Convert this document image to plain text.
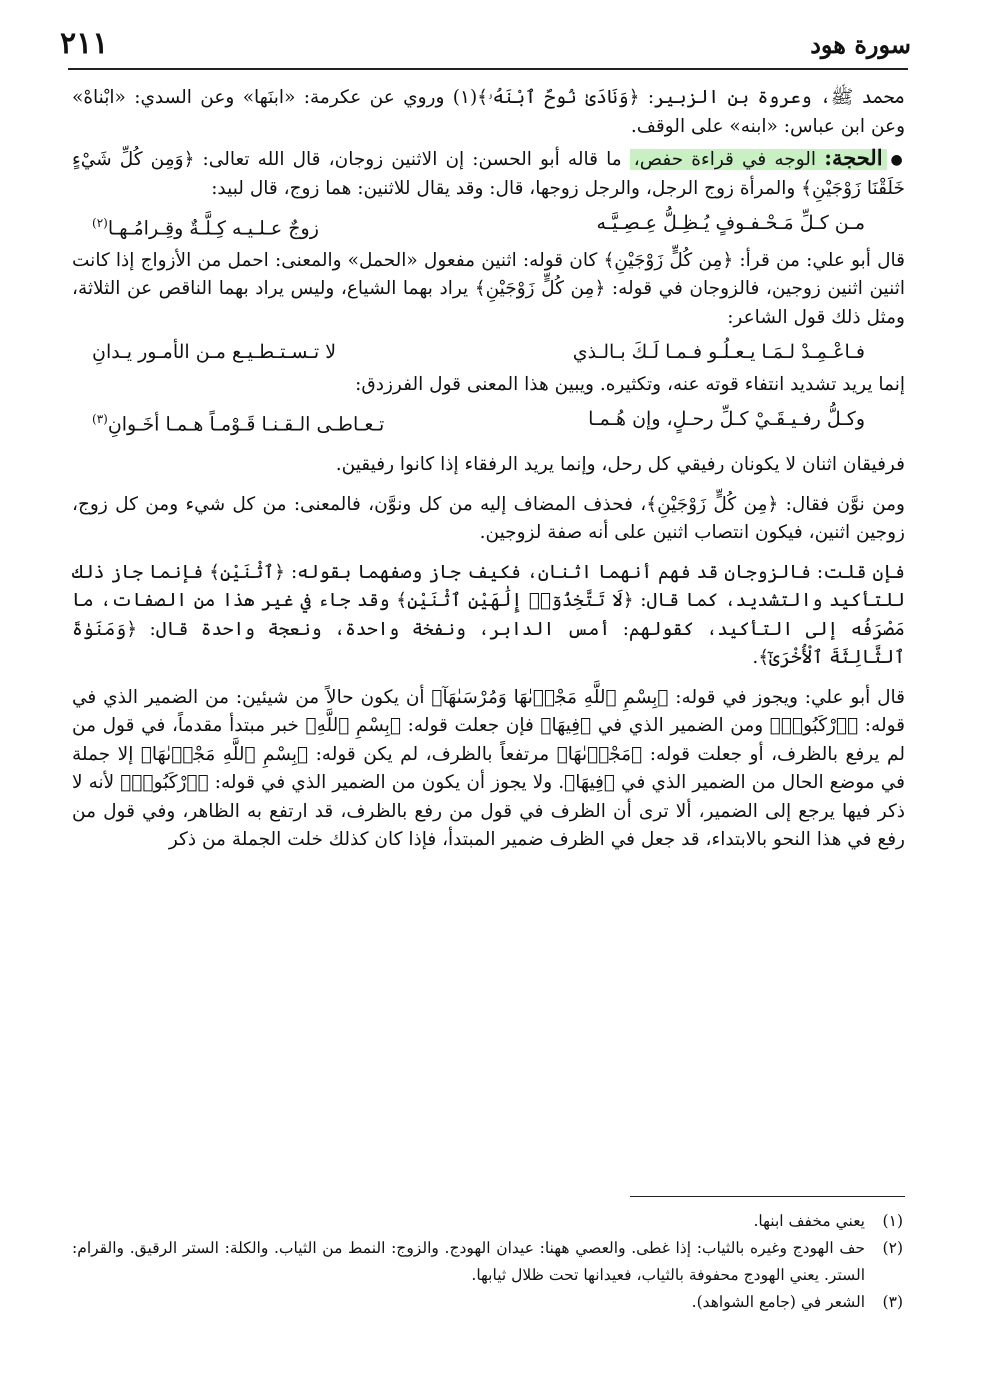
سورة هود
٢١١

محمد ﷺ، وعروة بن الزبير: ﴿وَنَادَىٰ نُوحٌ ٱبْنَهُۥ﴾(١) وروي عن عكرمة: «ابنَها» وعن السدي: «ابْناهْ» وعن ابن عباس: «ابنه» على الوقف.

●الحجة: الوجه في قراءة حفص، ما قاله أبو الحسن: إن الاثنين زوجان، قال الله تعالى: ﴿وَمِن كُلِّ شَيْءٍ خَلَقْنَا زَوْجَيْنِ﴾ والمرأة زوج الرجل، والرجل زوجها، قال: وقد يقال للاثنين: هما زوج، قال لبيد:

مـن كـلِّ مَـحْـفـوفٍ يُـظِـلُّ عِـصِـيَّـه
زوجٌ عـلـيـه كِـلَّـةٌ وقِـرامُـهـا$^{(٢)}$

قال أبو علي: من قرأ: ﴿مِن كُلٍّ زَوْجَيْنِ﴾ كان قوله: اثنين مفعول «الحمل» والمعنى: احمل من الأزواج إذا كانت اثنين اثنين زوجين، فالزوجان في قوله: ﴿مِن كُلٍّ زَوْجَيْنِ﴾ يراد بهما الشياع، وليس يراد بهما الناقص عن الثلاثة، ومثل ذلك قول الشاعر:

فـاعْـمِـدْ لـمَـا يـعـلُـو فـمـا لَـكَ بـالـذي
لا تـسـتـطـيـع مـن الأمـور يـدانِ

إنما يريد تشديد انتفاء قوته عنه، وتكثيره. ويبين هذا المعنى قول الفرزدق:

وكـلُّ رفـيـقَـيْ كـلِّ رحـلٍ، وإن هُـمـا
تـعـاطـى الـقـنـا قَـوْمـاً هـمـا أخَـوانِ$^{(٣)}$

فرفيقان اثنان لا يكونان رفيقي كل رحل، وإنما يريد الرفقاء إذا كانوا رفيقين.

ومن نوَّن فقال: ﴿مِن كُلٍّ زَوْجَيْنِ﴾، فحذف المضاف إليه من كل ونوَّن، فالمعنى: من كل شيء ومن كل زوج، زوجين اثنين، فيكون انتصاب اثنين على أنه صفة لزوجين.

فإن قلت: فالزوجان قد فهم أنهما اثنان، فكيف جاز وصفهما بقوله: ﴿ٱثْنَيْنِ﴾ فإنما جاز ذلك للتأكيد والتشديد، كما قال: ﴿لَا تَتَّخِذُوٓا۟ إِلَٰهَيْنِ ٱثْنَيْنِ﴾ وقد جاء في غير هذا من الصفات، ما مَصْرَفُه إلى التأكيد، كقولهم: أمس الدابر، ونفخة واحدة، ونعجة واحدة قال: ﴿وَمَنَوٰةَ ٱلثَّالِثَةَ ٱلْأُخْرَىٰٓ﴾.

قال أبو علي: ويجوز في قوله: ﴿بِسْمِ ٱللَّهِ مَجْر۪ىٰهَا وَمُرْسَىٰهَآ﴾ أن يكون حالاً من شيئين: من الضمير الذي في قوله: ﴿ٱرْكَبُوا۟﴾ ومن الضمير الذي في ﴿فِيهَا﴾ فإن جعلت قوله: ﴿بِسْمِ ٱللَّهِ﴾ خبر مبتدأ مقدماً، في قول من لم يرفع بالظرف، أو جعلت قوله: ﴿مَجْر۪ىٰهَا﴾ مرتفعاً بالظرف، لم يكن قوله: ﴿بِسْمِ ٱللَّهِ مَجْر۪ىٰهَا﴾ إلا جملة في موضع الحال من الضمير الذي في ﴿فِيهَا﴾. ولا يجوز أن يكون من الضمير الذي في قوله: ﴿ٱرْكَبُوا۟﴾ لأنه لا ذكر فيها يرجع إلى الضمير، ألا ترى أن الظرف في قول من رفع بالظرف، قد ارتفع به الظاهر، وفي قول من رفع في هذا النحو بالابتداء، قد جعل في الظرف ضمير المبتدأ، فإذا كان كذلك خلت الجملة من ذكر

(١)
يعني مخفف ابنها.
(٢)
حف الهودج وغيره بالثياب: إذا غطى. والعصي ههنا: عيدان الهودج. والزوج: النمط من الثياب. والكلة: الستر الرقيق. والقرام: الستر. يعني الهودج محفوفة بالثياب، فعيدانها تحت ظلال ثيابها.
(٣)
الشعر في (جامع الشواهد).
